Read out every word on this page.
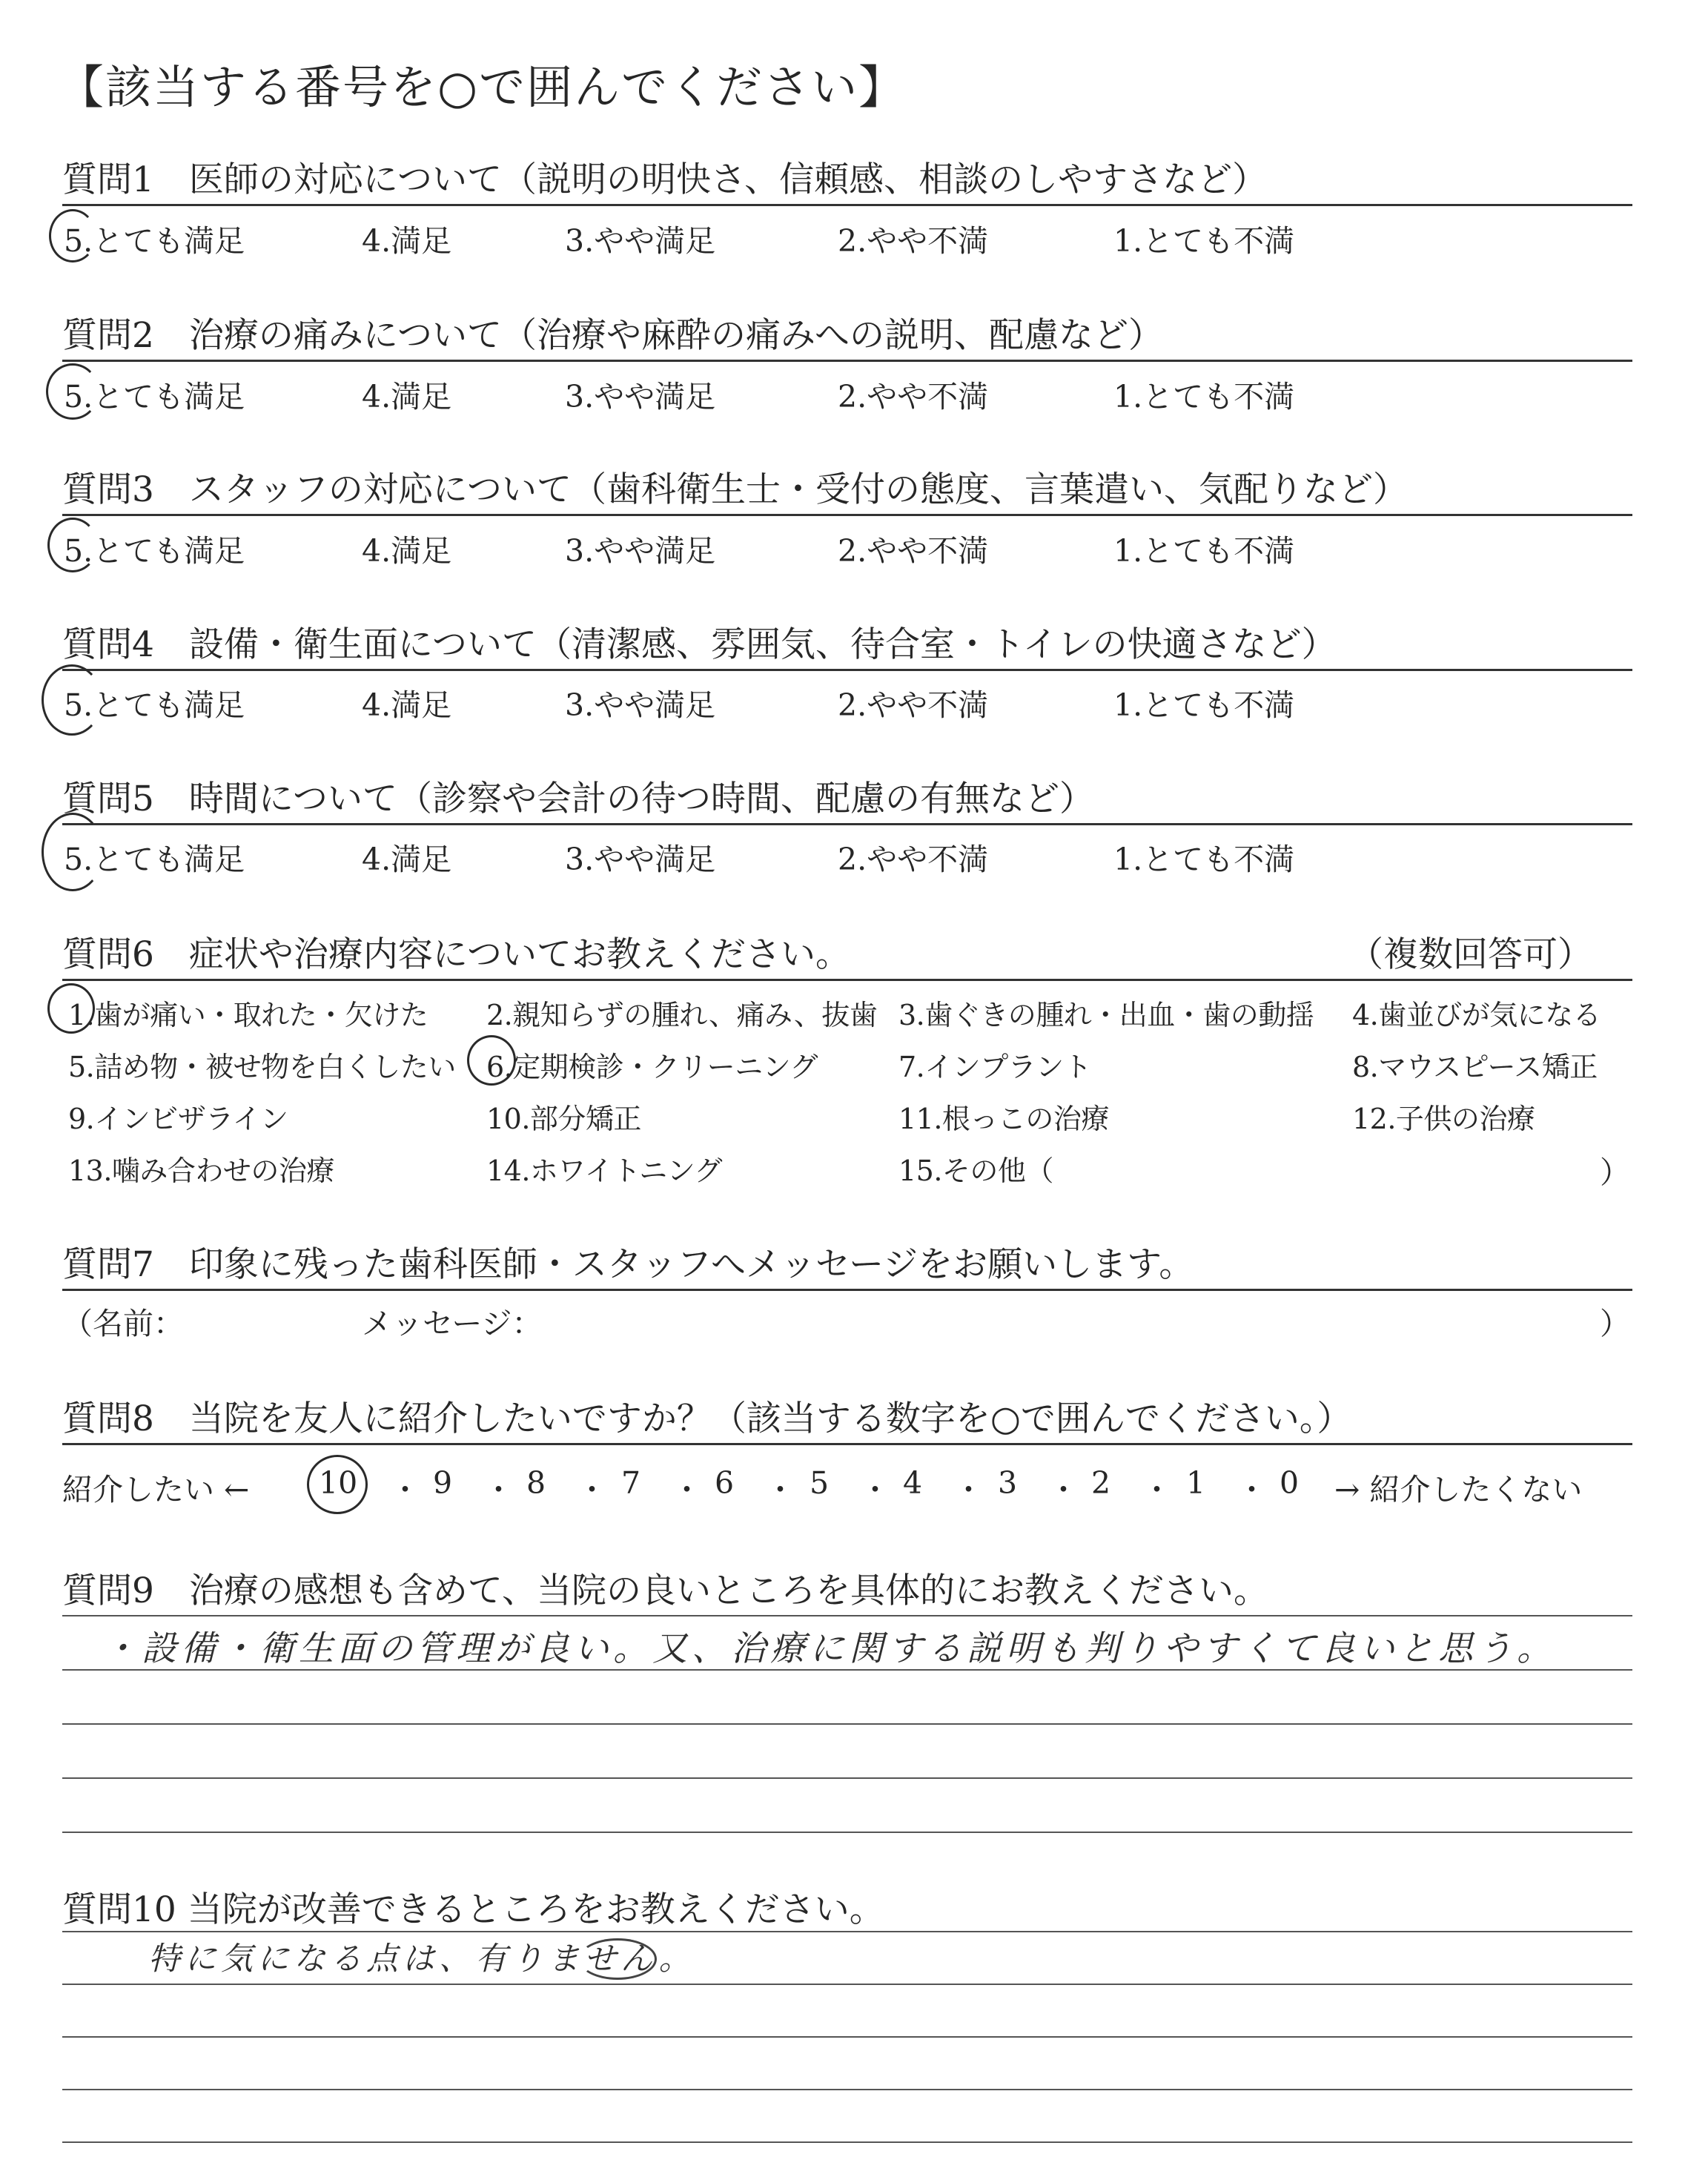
【該当する番号を○で囲んでください】
質問1　医師の対応について（説明の明快さ、信頼感、相談のしやすさなど）
5.とても満足	4.満足	3.やや満足	2.やや不満	1.とても不満
質問2　治療の痛みについて（治療や麻酔の痛みへの説明、配慮など）
5.とても満足	4.満足	3.やや満足	2.やや不満	1.とても不満
質問3　スタッフの対応について（歯科衛生士・受付の態度、言葉遣い、気配りなど）
5.とても満足	4.満足	3.やや満足	2.やや不満	1.とても不満
質問4　設備・衛生面について（清潔感、雰囲気、待合室・トイレの快適さなど）
5.とても満足	4.満足	3.やや満足	2.やや不満	1.とても不満
質問5　時間について（診察や会計の待つ時間、配慮の有無など）
5.とても満足	4.満足	3.やや満足	2.やや不満	1.とても不満
質問6　症状や治療内容についてお教えください。	（複数回答可）
1.歯が痛い・取れた・欠けた 2.親知らずの腫れ、痛み、抜歯 3.歯ぐきの腫れ・出血・歯の動揺 4.歯並びが気になる
5.詰め物・被せ物を白くしたい 6.定期検診・クリーニング	7.インプラント	8.マウスピース矯正
9.インビザライン	10.部分矯正	11.根っこの治療	12.子供の治療
13.噛み合わせの治療	14.ホワイトニング	15.その他（	）
質問7　印象に残った歯科医師・スタッフへメッセージをお願いします。
（名前：	メッセージ：	）
質問8　当院を友人に紹介したいですか？（該当する数字を○で囲んでください。）
紹介したい ← 10 ・ 9 ・ 8 ・ 7 ・ 6 ・ 5 ・ 4 ・ 3 ・ 2 ・ 1 ・ 0 → 紹介したくない
質問9　治療の感想も含めて、当院の良いところを具体的にお教えください。
・設備・衛生面の管理が良い。又、治療に関する説明も判りやすくて良いと思う。
質問10 当院が改善できるところをお教えください。
特に気になる点は、有りません。
